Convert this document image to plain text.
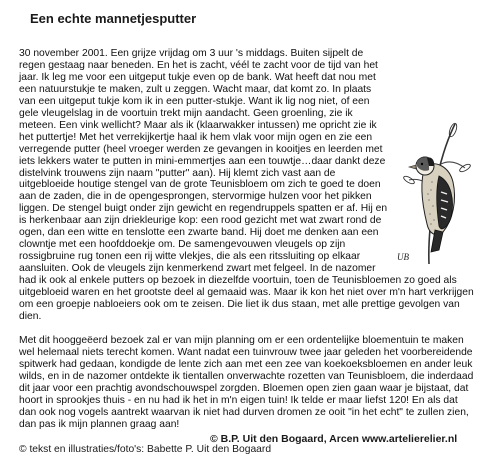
Een echte mannetjesputter
UB

30 november 2001. Een grijze vrijdag om 3 uur 's middags. Buiten sijpelt de regen gestaag naar beneden. En het is zacht, véél te zacht voor de tijd van het jaar. Ik leg me voor een uitgeput tukje even op de bank. Wat heeft dat nou met een natuurstukje te maken, zult u zeggen. Wacht maar, dat komt zo. In plaats van een uitgeput tukje kom ik in een putter-stukje. Want ik lig nog niet, of een gele vleugelslag in de voortuin trekt mijn aandacht. Geen groenling, zie ik meteen. Een vink wellicht? Maar als ik (klaarwakker intussen) me opricht zie ik het puttertje! Met het verrekijkertje haal ik hem vlak voor mijn ogen en zie een verregende putter (heel vroeger werden ze gevangen in kooitjes en leerden met iets lekkers water te putten in mini-emmertjes aan een touwtje…daar dankt deze distelvink trouwens zijn naam "putter" aan). Hij klemt zich vast aan de uitgebloeide houtige stengel van de grote Teunisbloem om zich te goed te doen aan de zaden, die in de opengesprongen, stervormige hulzen voor het pikken liggen. De stengel buigt onder zijn gewicht en regendruppels spatten er af. Hij en is herkenbaar aan zijn driekleurige kop: een rood gezicht met wat zwart rond de ogen, dan een witte en tenslotte een zwarte band. Hij doet me denken aan een clowntje met een hoofddoekje om. De samengevouwen vleugels op zijn rossigbruine rug tonen een rij witte vlekjes, die als een ritssluiting op elkaar aansluiten. Ook de vleugels zijn kenmerkend zwart met felgeel. In de nazomer had ik ook al enkele putters op bezoek in diezelfde voortuin, toen de Teunisbloemen zo goed als uitgebloeid waren en het grootste deel al gemaaid was. Maar ik kon het niet over m'n hart verkrijgen om een groepje nabloeiers ook om te zeisen. Die liet ik dus staan, met alle prettige gevolgen van dien.

Met dit hooggeëerd bezoek zal er van mijn planning om er een ordentelijke bloementuin te maken wel helemaal niets terecht komen. Want nadat een tuinvrouw twee jaar geleden het voorbereidende spitwerk had gedaan, kondigde de lente zich aan met een zee van koekoeksbloemen en ander leuk wilds, en in de nazomer ontdekte ik tientallen onverwachte rozetten van Teunisbloem, die inderdaad dit jaar voor een prachtig avondschouwspel zorgden. Bloemen open zien gaan waar je bijstaat, dat hoort in sprookjes thuis - en nu had ik het in m'n eigen tuin! Ik telde er maar liefst 120! En als dat dan ook nog vogels aantrekt waarvan ik niet had durven dromen ze ooit "in het echt" te zullen zien, dan pas ik mijn plannen graag aan!

© B.P. Uit den Bogaard, Arcen www.artelierelier.nl
© tekst en illustraties/foto's: Babette P. Uit den Bogaard
